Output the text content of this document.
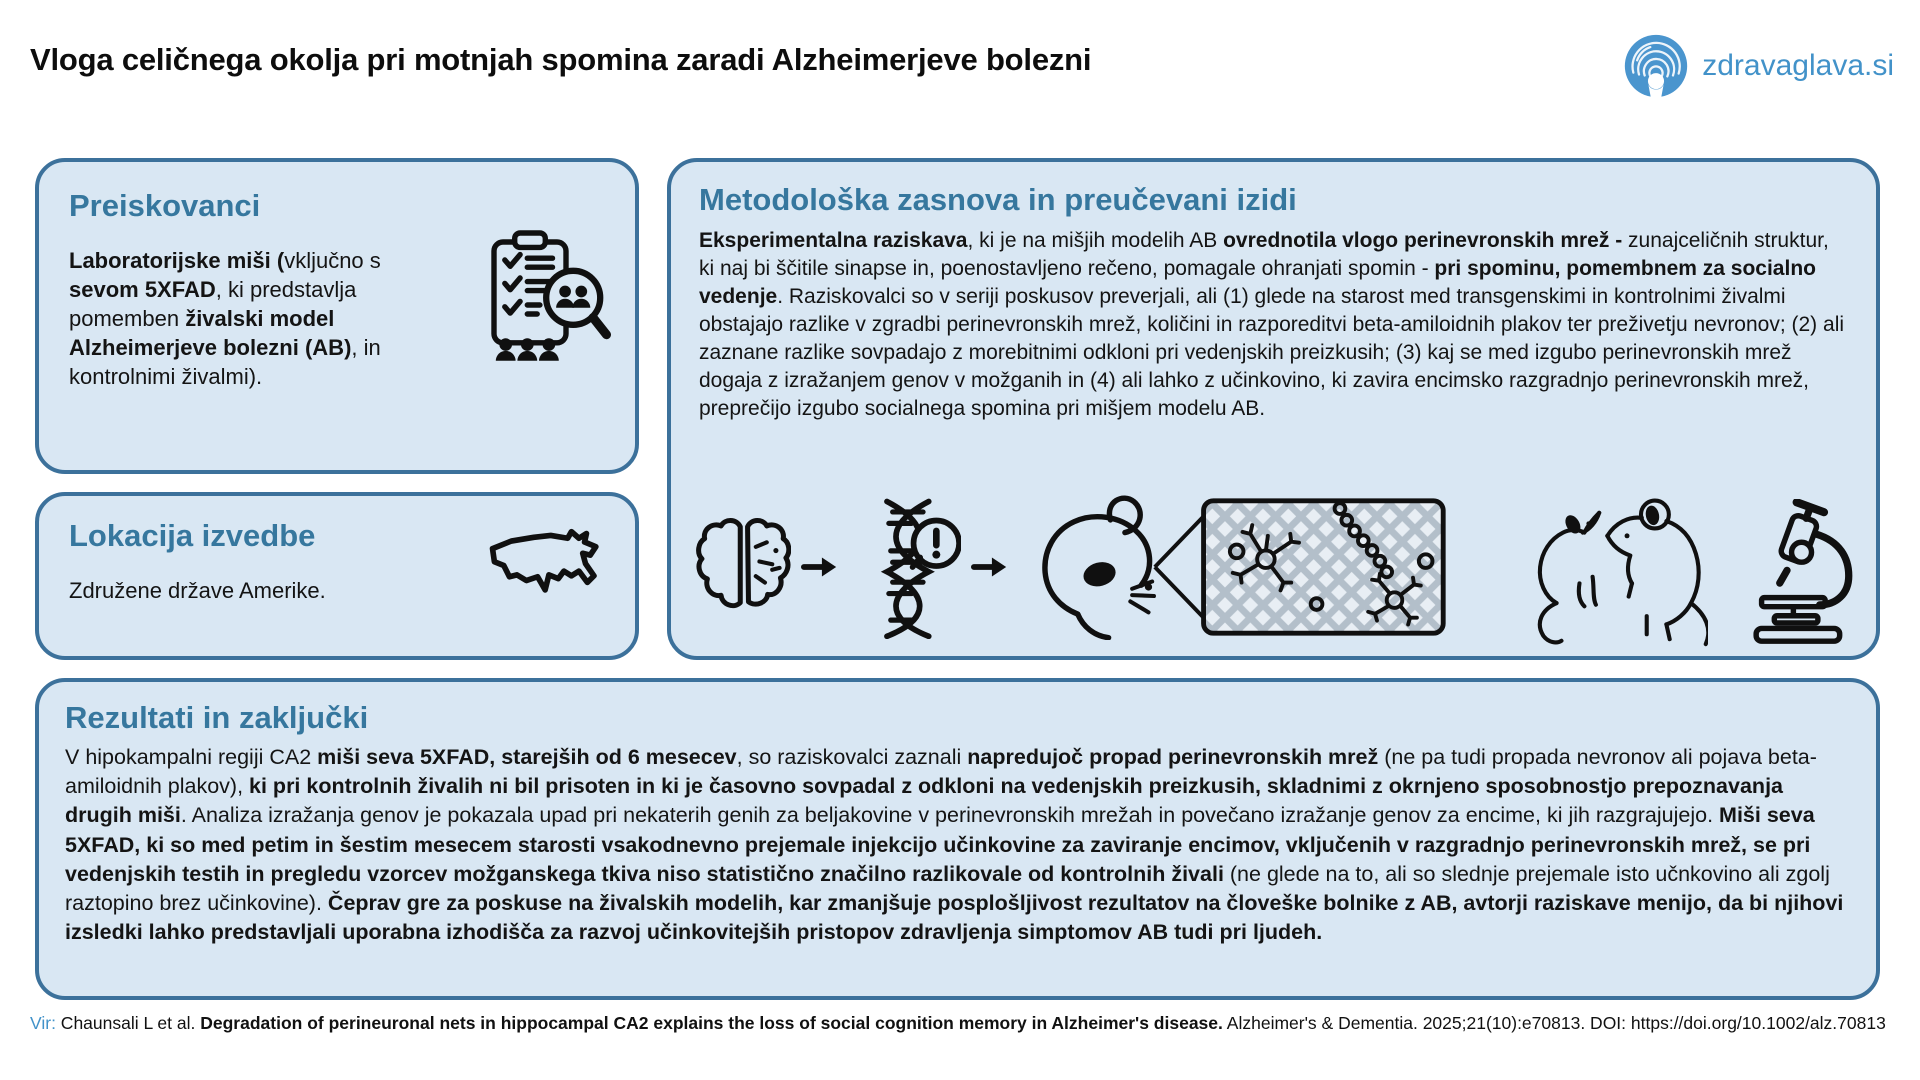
Vloga celičnega okolja pri motnjah spomina zaradi Alzheimerjeve bolezni	zdravaglava.si
Preiskovanci

Laboratorijske miši (vključno s sevom 5XFAD, ki predstavlja pomemben živalski model Alzheimerjeve bolezni (AB), in kontrolnimi živalmi).

Lokacija izvedbe

Združene države Amerike.

Metodološka zasnova in preučevani izidi

Eksperimentalna raziskava, ki je na mišjih modelih AB ovrednotila vlogo perinevronskih mrež - zunajceličnih struktur, ki naj bi ščitile sinapse in, poenostavljeno rečeno, pomagale ohranjati spomin - pri spominu, pomembnem za socialno vedenje. Raziskovalci so v seriji poskusov preverjali, ali (1) glede na starost med transgenskimi in kontrolnimi živalmi obstajajo razlike v zgradbi perinevronskih mrež, količini in razporeditvi beta-amiloidnih plakov ter preživetju nevronov; (2) ali zaznane razlike sovpadajo z morebitnimi odkloni pri vedenjskih preizkusih; (3) kaj se med izgubo perinevronskih mrež dogaja z izražanjem genov v možganih in (4) ali lahko z učinkovino, ki zavira encimsko razgradnjo perinevronskih mrež, preprečijo izgubo socialnega spomina pri mišjem modelu AB.

Rezultati in zaključki

V hipokampalni regiji CA2 miši seva 5XFAD, starejših od 6 mesecev, so raziskovalci zaznali napredujoč propad perinevronskih mrež (ne pa tudi propada nevronov ali pojava beta-amiloidnih plakov), ki pri kontrolnih živalih ni bil prisoten in ki je časovno sovpadal z odkloni na vedenjskih preizkusih, skladnimi z okrnjeno sposobnostjo prepoznavanja drugih miši. Analiza izražanja genov je pokazala upad pri nekaterih genih za beljakovine v perinevronskih mrežah in povečano izražanje genov za encime, ki jih razgrajujejo. Miši seva 5XFAD, ki so med petim in šestim mesecem starosti vsakodnevno prejemale injekcijo učinkovine za zaviranje encimov, vključenih v razgradnjo perinevronskih mrež, se pri vedenjskih testih in pregledu vzorcev možganskega tkiva niso statistično značilno razlikovale od kontrolnih živali (ne glede na to, ali so slednje prejemale isto učnkovino ali zgolj raztopino brez učinkovine). Čeprav gre za poskuse na živalskih modelih, kar zmanjšuje posplošljivost rezultatov na človeške bolnike z AB, avtorji raziskave menijo, da bi njihovi izsledki lahko predstavljali uporabna izhodišča za razvoj učinkovitejših pristopov zdravljenja simptomov AB tudi pri ljudeh.

Vir: Chaunsali L et al. Degradation of perineuronal nets in hippocampal CA2 explains the loss of social cognition memory in Alzheimer's disease. Alzheimer's & Dementia. 2025;21(10):e70813. DOI: https://doi.org/10.1002/alz.70813
